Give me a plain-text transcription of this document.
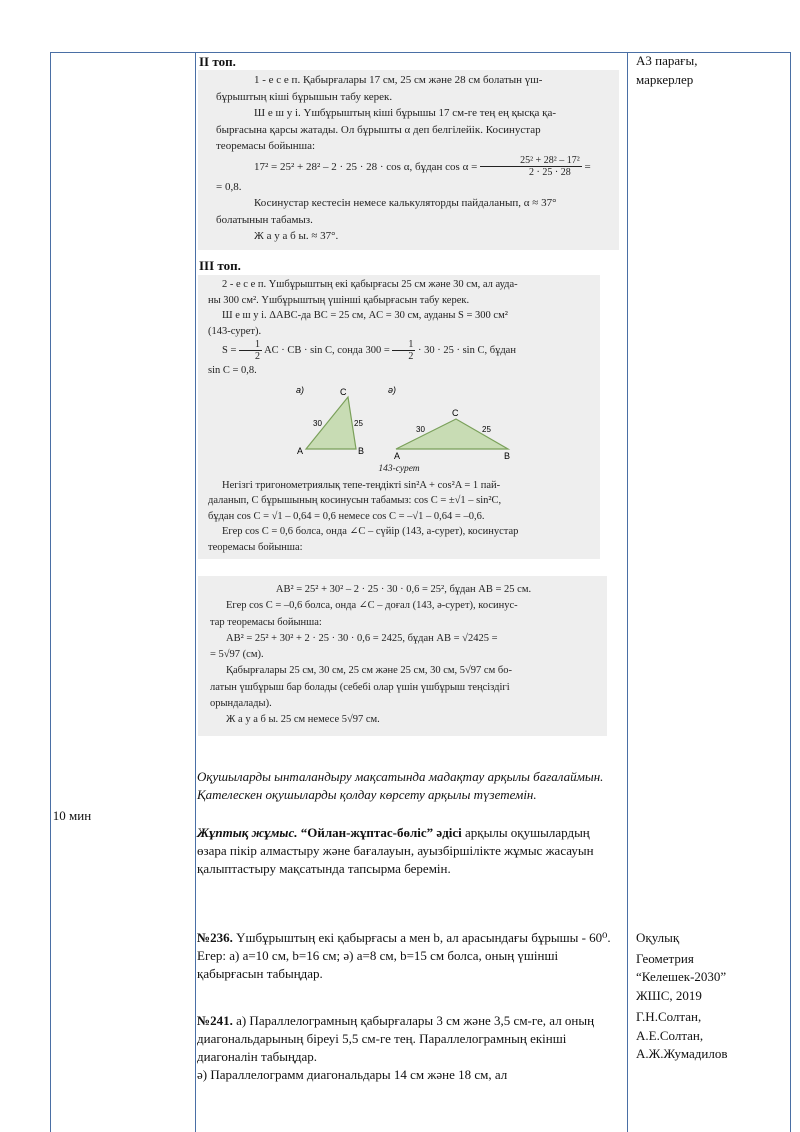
10 мин

А3 парағы,

маркерлер

ІІ топ.

1 - е с е п. Қабырғалары 17 см, 25 см және 28 см болатын үш-

бұрыштың кіші бұрышын табу керек.

Ш е ш у і. Үшбұрыштың кіші бұрышы 17 см-ге тең ең қысқа қа-

бырғасына қарсы жатады. Ол бұрышты α деп белгілейік. Косинустар

теоремасы бойынша:

17² = 25² + 28² – 2 · 25 · 28 · cos α, бұдан $\cos \alpha = \frac{\text{25² + 28² – 17²}}{2 \cdot 25 \cdot 28}$ =

= 0,8.

Косинустар кестесін немесе калькуляторды пайдаланып, α ≈ 37°

болатынын табамыз.

Ж а у а б ы. ≈ 37°.

ІІІ топ.

2 - е с е п. Үшбұрыштың екі қабырғасы 25 см және 30 см, ал ауда-

ны 300 см². Үшбұрыштың үшінші қабырғасын табу керек.

Ш е ш у і. ΔABC-да BC = 25 см, AC = 30 см, ауданы S = 300 см²

(143-сурет).

$S = \frac{1}{2}$ AC · CB · sin C, сонда $300 = \frac{1}{2} \cdot 30 \cdot 25 \cdot \sin C$, бұдан

sin C = 0,8.

а)	ә)
A	B
C
30	25
A	B
C
30	25

143-сурет

Негізгі тригонометриялық тепе-теңдікті sin²A + cos²A = 1 пай-

даланып, C бұрышының косинусын табамыз: cos C = ±√1 – sin²C,

бұдан cos C = √1 – 0,64 = 0,6 немесе cos C = –√1 – 0,64 = –0,6.

Егер cos C = 0,6 болса, онда ∠C – сүйір (143, а-сурет), косинустар

теоремасы бойынша:

AB² = 25² + 30² – 2 · 25 · 30 · 0,6 = 25², бұдан AB = 25 см.

Егер cos C = –0,6 болса, онда ∠C – доғал (143, ә-сурет), косинус-

тар теоремасы бойынша:

AB² = 25² + 30² + 2 · 25 · 30 · 0,6 = 2425, бұдан AB = √2425 =

= 5√97 (см).

Қабырғалары 25 см, 30 см, 25 см және 25 см, 30 см, 5√97 см бо-

латын үшбұрыш бар болады (себебі олар үшін үшбұрыш теңсіздігі

орындалады).

Ж а у а б ы. 25 см немесе 5√97 см.

Оқушыларды ынталандыру мақсатында мадақтау арқылы бағалаймын. Қателескен оқушыларды қолдау көрсету арқылы түзетемін.
Жұптық жұмыс. “Ойлан-жұптас-бөліс” әдісі арқылы оқушылардың өзара пікір алмастыру және бағалауын, ауызбіршілікте жұмыс жасауын қалыптастыру мақсатында тапсырма беремін.
№236. Үшбұрыштың екі қабырғасы a мен b, ал арасындағы бұрышы - 60⁰. Егер: а) a=10 см, b=16 см; ә) a=8 см, b=15 см болса, оның үшінші қабырғасын табыңдар.

№241. а) Параллелограмның қабырғалары 3 см және 3,5 см-ге, ал оның диагональдарының біреуі 5,5 см-ге тең. Параллелограмның екінші диагоналін табыңдар.

ә) Параллелограмм диагональдары 14 см және 18 см, ал

Оқулық

Геометрия

“Келешек-2030”

ЖШС, 2019

Г.Н.Солтан,

А.Е.Солтан,

А.Ж.Жумадилов
